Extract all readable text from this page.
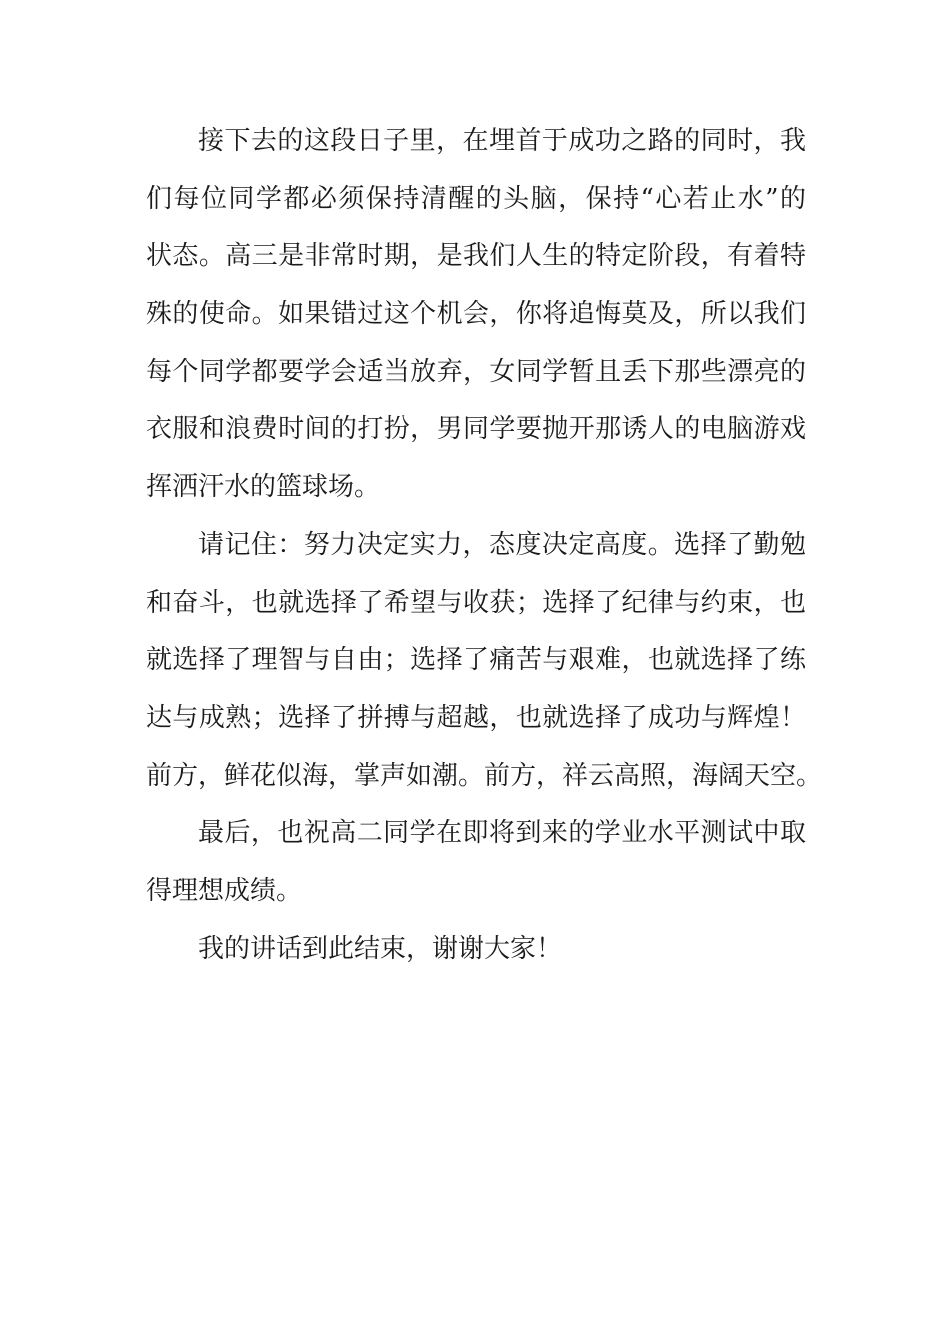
接下去的这段日子里，在埋首于成功之路的同时，我
们每位同学都必须保持清醒的头脑，保持“心若止水”的
状态。高三是非常时期，是我们人生的特定阶段，有着特
殊的使命。如果错过这个机会，你将追悔莫及，所以我们
每个同学都要学会适当放弃，女同学暂且丢下那些漂亮的
衣服和浪费时间的打扮，男同学要抛开那诱人的电脑游戏
挥洒汗水的篮球场。
请记住：努力决定实力，态度决定高度。选择了勤勉
和奋斗，也就选择了希望与收获；选择了纪律与约束，也
就选择了理智与自由；选择了痛苦与艰难，也就选择了练
达与成熟；选择了拼搏与超越，也就选择了成功与辉煌！
前方，鲜花似海，掌声如潮。前方，祥云高照，海阔天空。
最后，也祝高二同学在即将到来的学业水平测试中取
得理想成绩。
我的讲话到此结束，谢谢大家！
